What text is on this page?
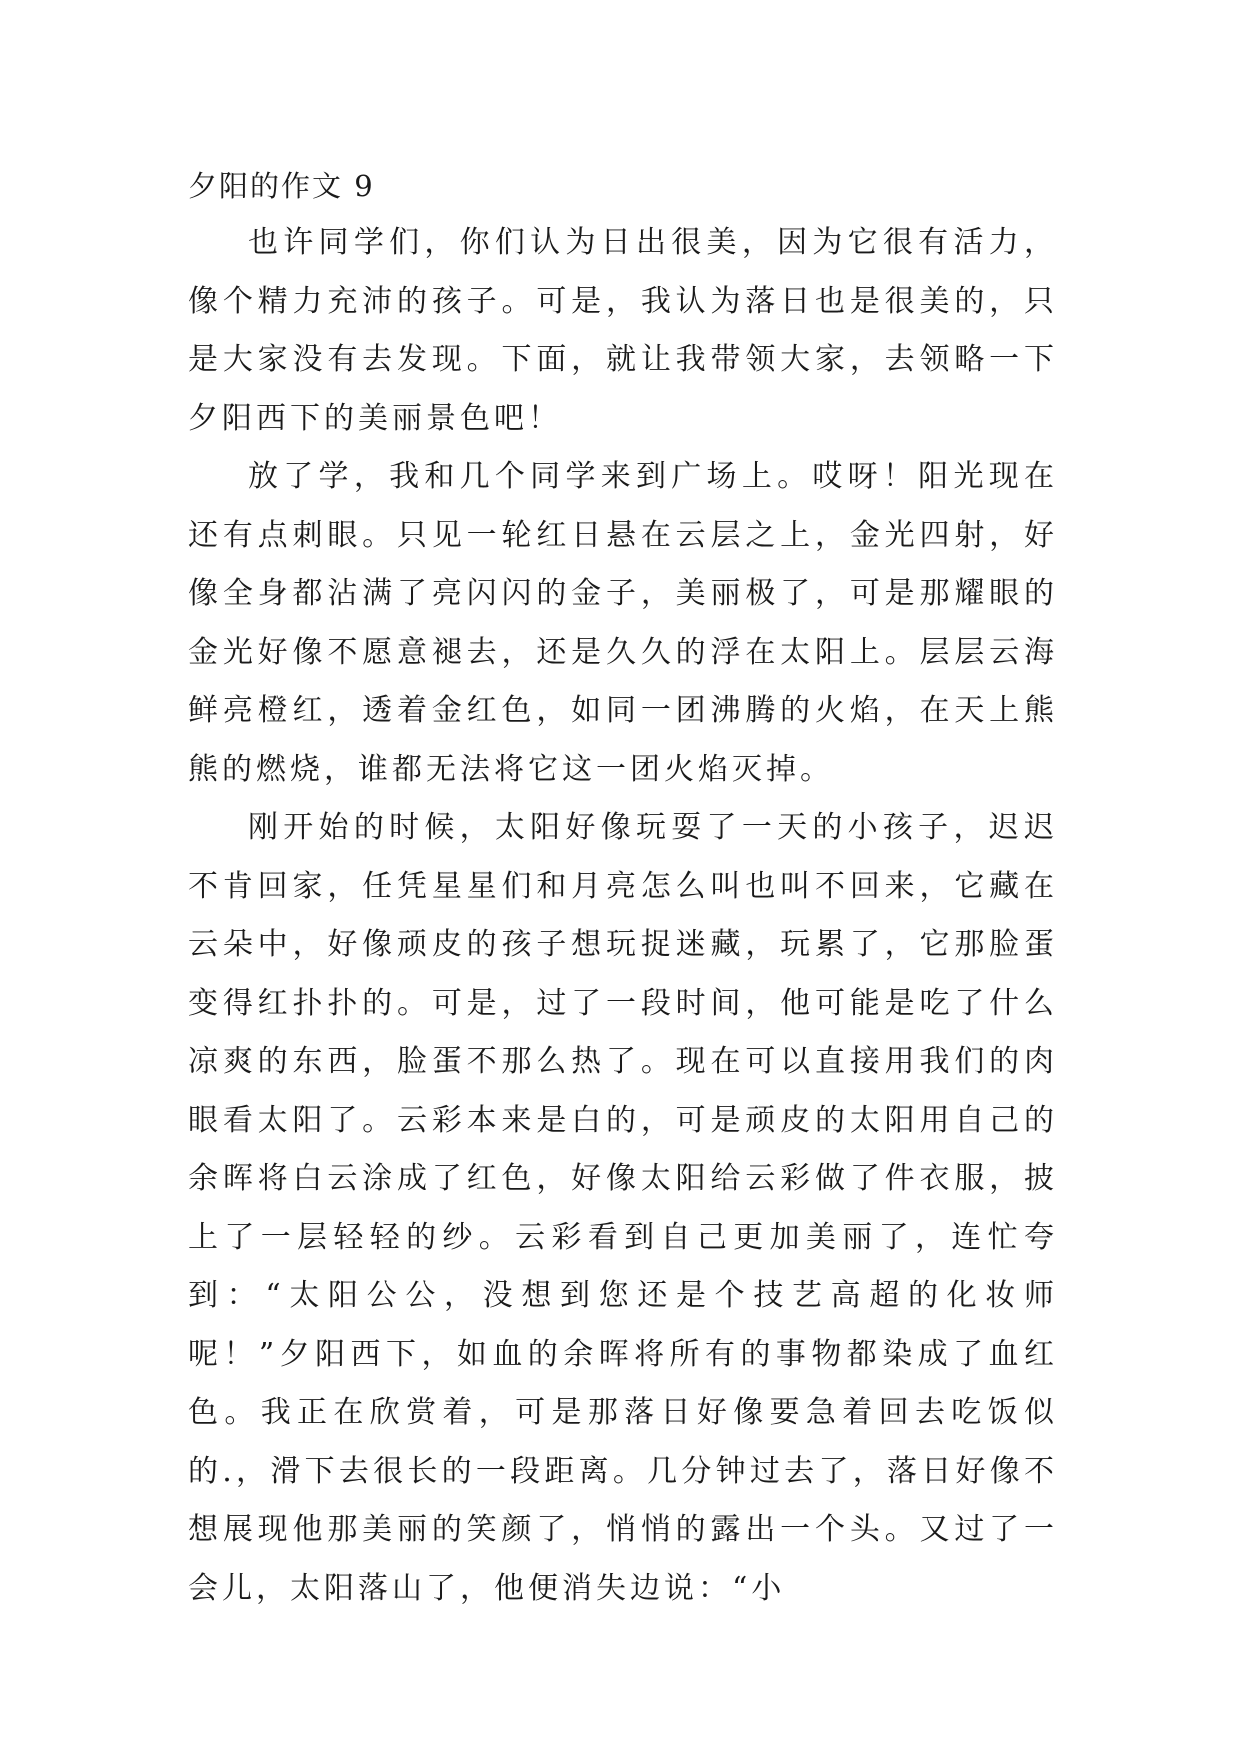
夕阳的作文 9

也许同学们，你们认为日出很美，因为它很有活力，像个精力充沛的孩子。可是，我认为落日也是很美的，只是大家没有去发现。下面，就让我带领大家，去领略一下夕阳西下的美丽景色吧！

放了学，我和几个同学来到广场上。哎呀！阳光现在还有点刺眼。只见一轮红日悬在云层之上，金光四射，好像全身都沾满了亮闪闪的金子，美丽极了，可是那耀眼的金光好像不愿意褪去，还是久久的浮在太阳上。层层云海鲜亮橙红，透着金红色，如同一团沸腾的火焰，在天上熊熊的燃烧，谁都无法将它这一团火焰灭掉。

刚开始的时候，太阳好像玩耍了一天的小孩子，迟迟不肯回家，任凭星星们和月亮怎么叫也叫不回来，它藏在云朵中，好像顽皮的孩子想玩捉迷藏，玩累了，它那脸蛋变得红扑扑的。可是，过了一段时间，他可能是吃了什么凉爽的东西，脸蛋不那么热了。现在可以直接用我们的肉眼看太阳了。云彩本来是白的，可是顽皮的太阳用自己的余晖将白云涂成了红色，好像太阳给云彩做了件衣服，披上了一层轻轻的纱。云彩看到自己更加美丽了，连忙夸到：“太阳公公，没想到您还是个技艺高超的化妆师呢！”夕阳西下，如血的余晖将所有的事物都染成了血红色。我正在欣赏着，可是那落日好像要急着回去吃饭似的.，滑下去很长的一段距离。几分钟过去了，落日好像不想展现他那美丽的笑颜了，悄悄的露出一个头。又过了一会儿，太阳落山了，他便消失边说：“小
